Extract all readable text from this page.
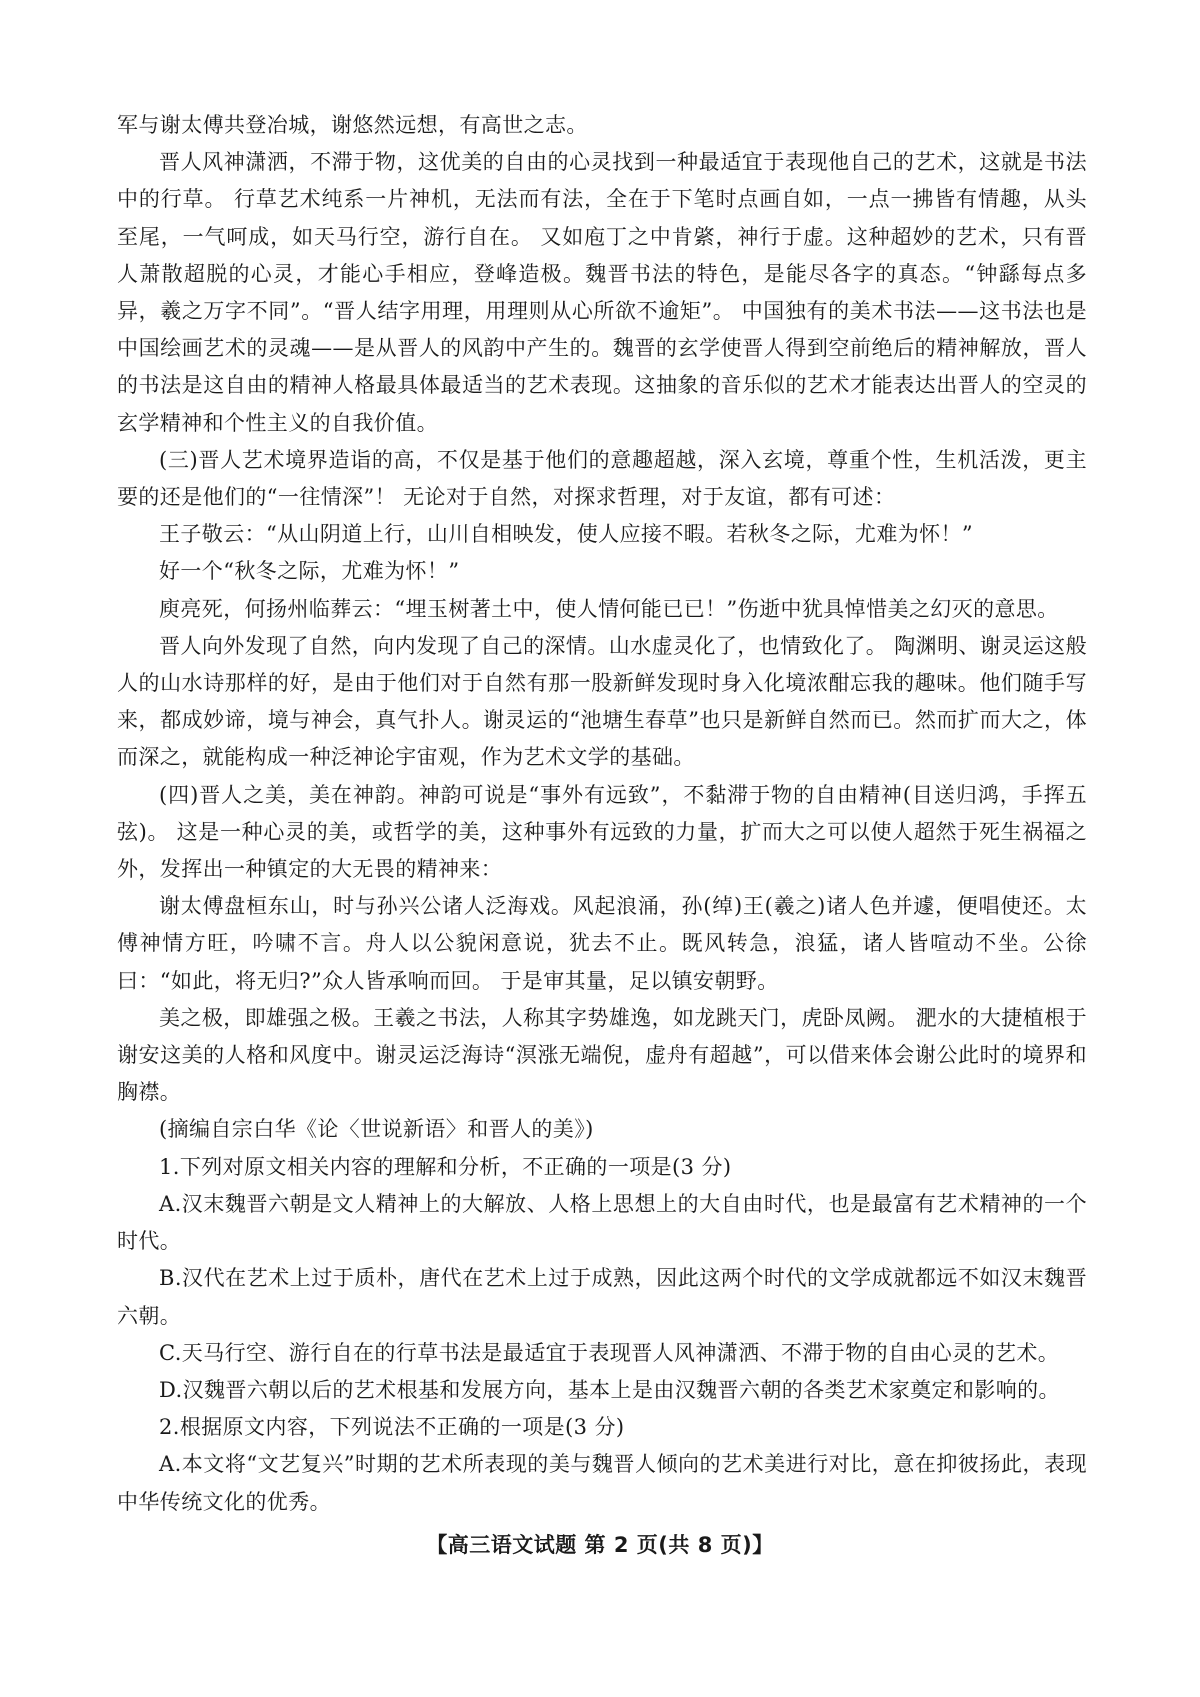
军与谢太傅共登冶城，谢悠然远想，有高世之志。

晋人风神潇洒，不滞于物，这优美的自由的心灵找到一种最适宜于表现他自己的艺术，这就是书法中的行草。 行草艺术纯系一片神机，无法而有法，全在于下笔时点画自如，一点一拂皆有情趣，从头至尾，一气呵成，如天马行空，游行自在。 又如庖丁之中肯綮，神行于虚。这种超妙的艺术，只有晋人萧散超脱的心灵，才能心手相应，登峰造极。魏晋书法的特色，是能尽各字的真态。“钟繇每点多异，羲之万字不同”。“晋人结字用理，用理则从心所欲不逾矩”。 中国独有的美术书法——这书法也是中国绘画艺术的灵魂——是从晋人的风韵中产生的。魏晋的玄学使晋人得到空前绝后的精神解放，晋人的书法是这自由的精神人格最具体最适当的艺术表现。这抽象的音乐似的艺术才能表达出晋人的空灵的玄学精神和个性主义的自我价值。

(三)晋人艺术境界造诣的高，不仅是基于他们的意趣超越，深入玄境，尊重个性，生机活泼，更主要的还是他们的“一往情深”！ 无论对于自然，对探求哲理，对于友谊，都有可述：

王子敬云：“从山阴道上行，山川自相映发，使人应接不暇。若秋冬之际，尤难为怀！”

好一个“秋冬之际，尤难为怀！”

庾亮死，何扬州临葬云：“埋玉树著土中，使人情何能已已！”伤逝中犹具悼惜美之幻灭的意思。

晋人向外发现了自然，向内发现了自己的深情。山水虚灵化了，也情致化了。 陶渊明、谢灵运这般人的山水诗那样的好，是由于他们对于自然有那一股新鲜发现时身入化境浓酣忘我的趣味。他们随手写来，都成妙谛，境与神会，真气扑人。谢灵运的“池塘生春草”也只是新鲜自然而已。然而扩而大之，体而深之，就能构成一种泛神论宇宙观，作为艺术文学的基础。

(四)晋人之美，美在神韵。神韵可说是“事外有远致”，不黏滞于物的自由精神(目送归鸿，手挥五弦)。 这是一种心灵的美，或哲学的美，这种事外有远致的力量，扩而大之可以使人超然于死生祸福之外，发挥出一种镇定的大无畏的精神来：

谢太傅盘桓东山，时与孙兴公诸人泛海戏。风起浪涌，孙(绰)王(羲之)诸人色并遽，便唱使还。太傅神情方旺，吟啸不言。舟人以公貌闲意说，犹去不止。既风转急，浪猛，诸人皆喧动不坐。公徐曰：“如此，将无归?”众人皆承响而回。 于是审其量，足以镇安朝野。

美之极，即雄强之极。王羲之书法，人称其字势雄逸，如龙跳天门，虎卧凤阙。 淝水的大捷植根于谢安这美的人格和风度中。谢灵运泛海诗“溟涨无端倪，虚舟有超越”，可以借来体会谢公此时的境界和胸襟。

(摘编自宗白华《论〈世说新语〉和晋人的美》)

1.下列对原文相关内容的理解和分析，不正确的一项是(3 分)

A.汉末魏晋六朝是文人精神上的大解放、人格上思想上的大自由时代，也是最富有艺术精神的一个时代。

B.汉代在艺术上过于质朴，唐代在艺术上过于成熟，因此这两个时代的文学成就都远不如汉末魏晋六朝。

C.天马行空、游行自在的行草书法是最适宜于表现晋人风神潇洒、不滞于物的自由心灵的艺术。

D.汉魏晋六朝以后的艺术根基和发展方向，基本上是由汉魏晋六朝的各类艺术家奠定和影响的。

2.根据原文内容，下列说法不正确的一项是(3 分)

A.本文将“文艺复兴”时期的艺术所表现的美与魏晋人倾向的艺术美进行对比，意在抑彼扬此，表现中华传统文化的优秀。

【高三语文试题 第 2 页(共 8 页)】
